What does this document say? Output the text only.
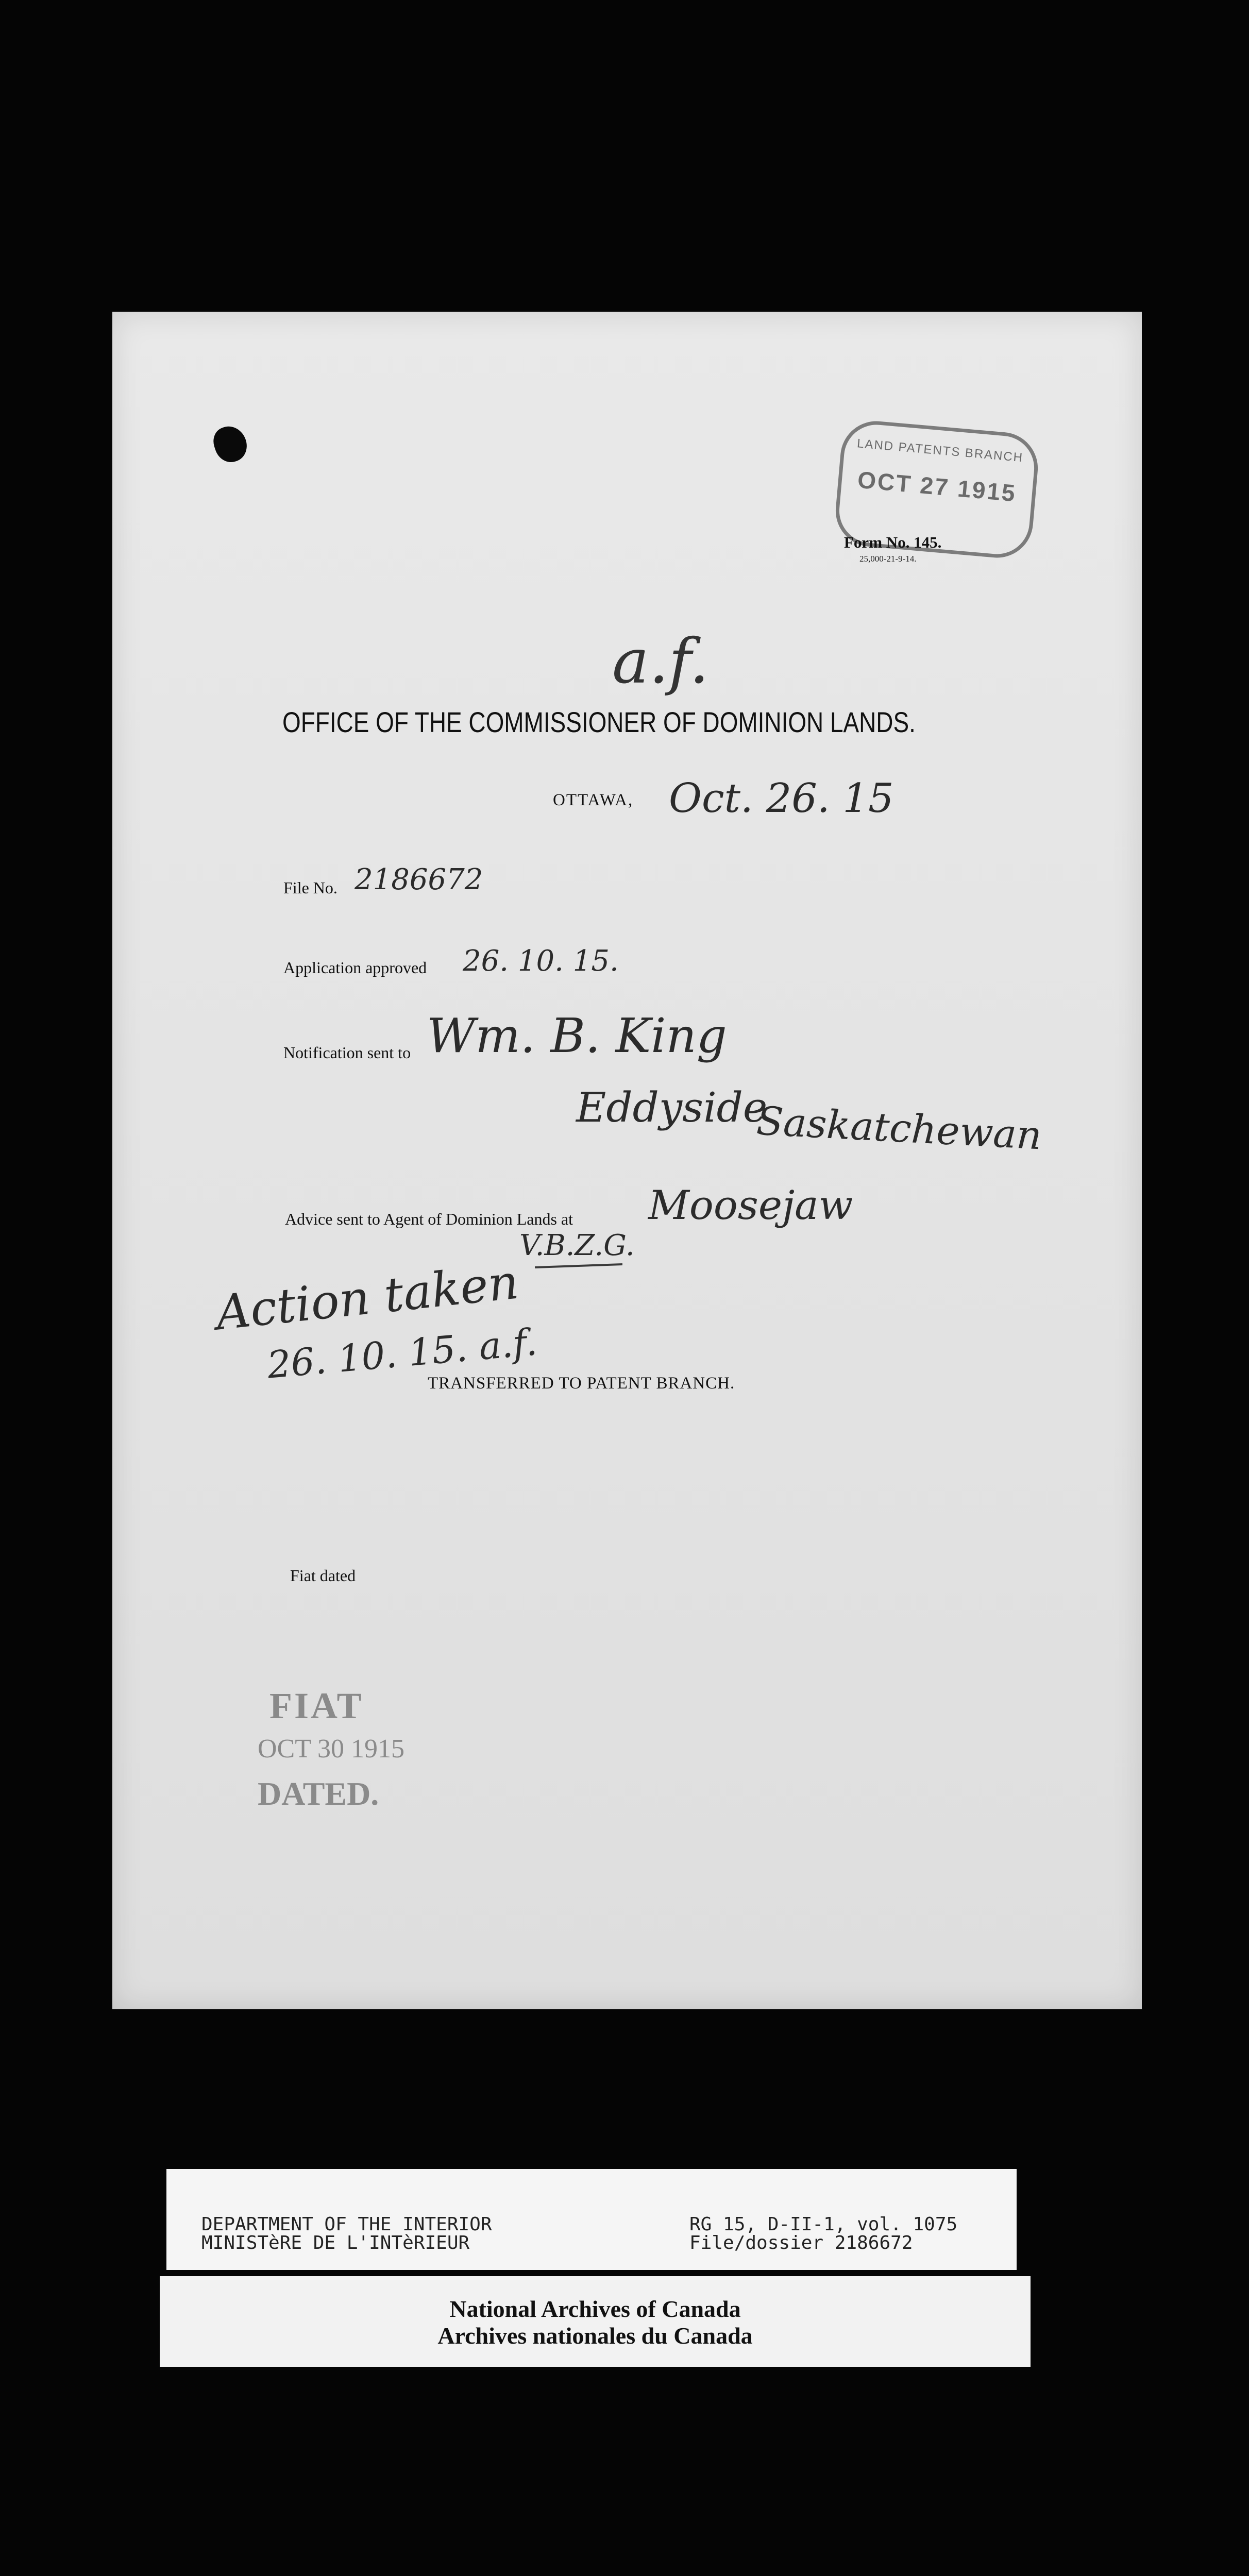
LAND PATENTS BRANCH
OCT 27 1915
Form No. 145.
25,000-21-9-14.
a.f.
OFFICE OF THE COMMISSIONER OF DOMINION LANDS.
OTTAWA, Oct. 26. 15
File No. 2186672
Application approved 26. 10. 15.
Notification sent to Wm. B. King
Eddyside
Saskatchewan
Advice sent to Agent of Dominion Lands at Moosejaw
V.B.Z.G.
Action taken
26. 10. 15. a.f.
TRANSFERRED TO PATENT BRANCH.
Fiat dated
FIAT
OCT 30 1915
DATED.
DEPARTMENT OF THE INTERIOR
MINISTèRE DE L'INTèRIEUR
RG 15, D-II-1, vol. 1075
File/dossier 2186672
National Archives of Canada
Archives nationales du Canada
